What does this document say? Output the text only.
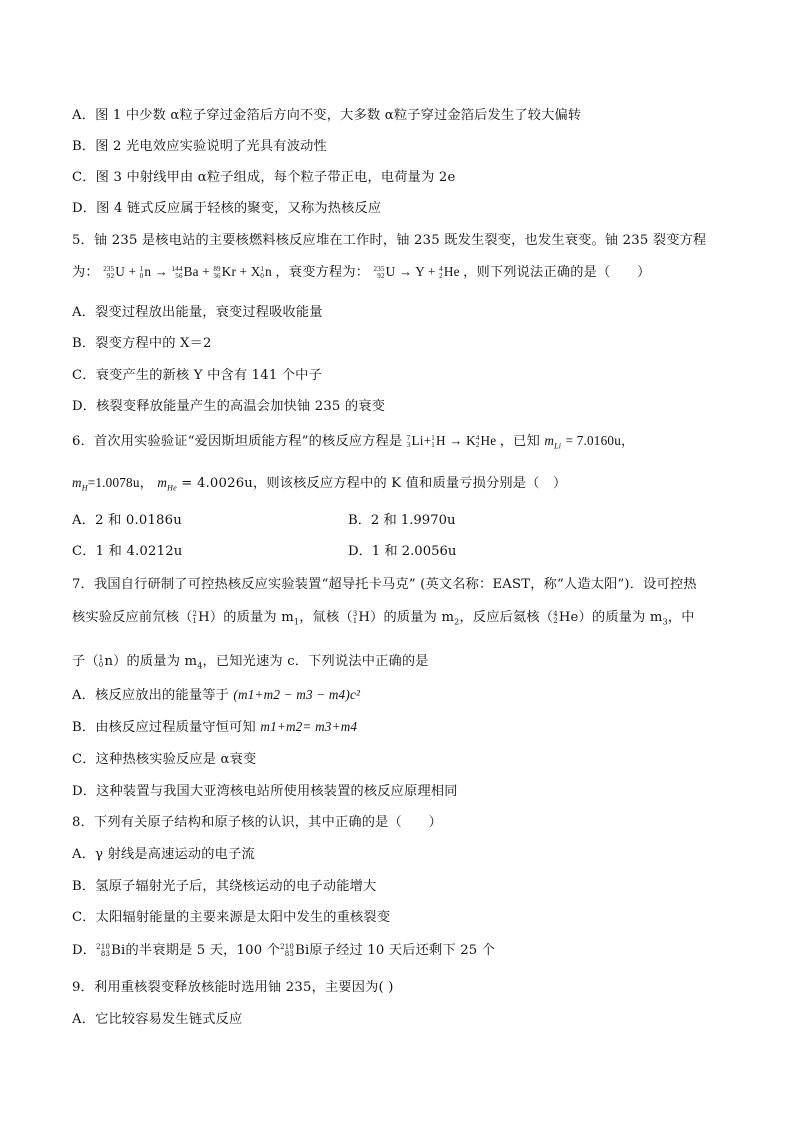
A．图 1 中少数 α粒子穿过金箔后方向不变，大多数 α粒子穿过金箔后发生了较大偏转
B．图 2 光电效应实验说明了光具有波动性
C．图 3 中射线甲由 α粒子组成，每个粒子带正电，电荷量为 2e
D．图 4 链式反应属于轻核的聚变，又称为热核反应
5．铀 235 是核电站的主要核燃料核反应堆在工作时，铀 235 既发生裂变，也发生衰变。铀 235 裂变方程
为： 235
92 U + 1
0 n → 144
56 Ba + 89
36 Kr + X 1
0 n ，衰变方程为： 235
92 U → Y + 4
2 He ，则下列说法正确的是（　　）
A．裂变过程放出能量，衰变过程吸收能量
B．裂变方程中的 X＝2
C．衰变产生的新核 Y 中含有 141 个中子
D．核裂变释放能量产生的高温会加快铀 235 的衰变
6．首次用实验验证“爱因斯坦质能方程”的核反应方程是 7
3 Li+ 1
1 H → K 4
2 He ，已知 $m_{Li} = 7.0160u$，
$m_H=1.0078u$， $m_{He} = 4.0026u$，则该核反应方程中的 K 值和质量亏损分别是（　）
A．2 和 0.0186u	B．2 和 1.9970u
C．1 和 4.0212u	D．1 和 2.0056u
7．我国自行研制了可控热核反应实验装置“超导托卡马克” (英文名称：EAST，称“人造太阳”)．设可控热
核实验反应前氘核（ 2
1 H）的质量为 $m_1$，氚核（ 3
1 H）的质量为 $m_2$，反应后氦核（ 4
2 He）的质量为 $m_3$，中
子（ 1
0 n）的质量为 $m_4$，已知光速为 c．下列说法中正确的是
A．核反应放出的能量等于 (m1+m2 − m3 − m4)c²
B．由核反应过程质量守恒可知 m1+m2= m3+m4
C．这种热核实验反应是 α衰变
D．这种装置与我国大亚湾核电站所使用核装置的核反应原理相同
8．下列有关原子结构和原子核的认识，其中正确的是（　　）
A．γ 射线是高速运动的电子流
B．氢原子辐射光子后，其绕核运动的电子动能增大
C．太阳辐射能量的主要来源是太阳中发生的重核裂变
D． 210
83 Bi的半衰期是 5 天，100 个 210
83 Bi原子经过 10 天后还剩下 25 个
9．利用重核裂变释放核能时选用铀 235，主要因为( )
A．它比较容易发生链式反应
